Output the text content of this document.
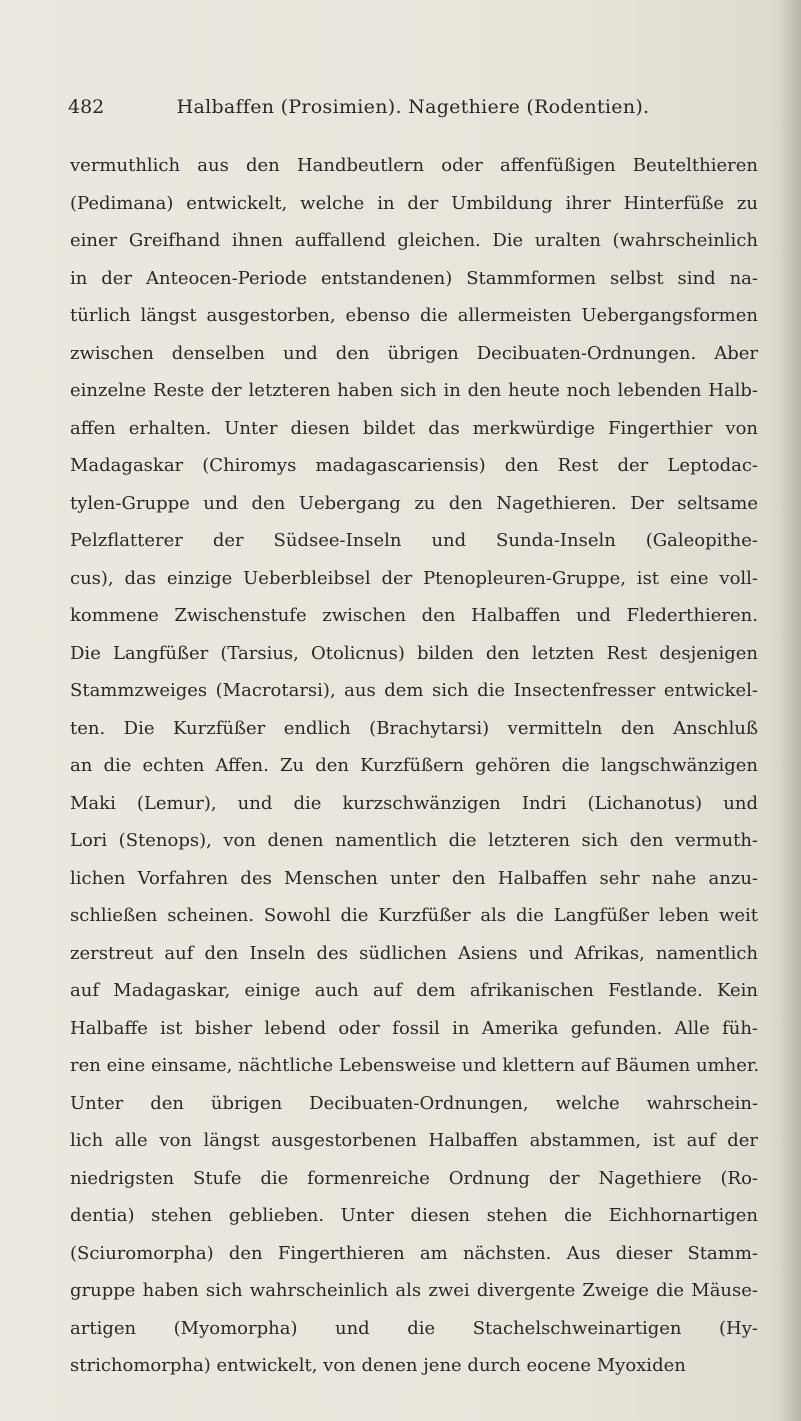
482	Halbaffen (Prosimien). Nagethiere (Rodentien).
vermuthlich aus den Handbeutlern oder affenfüßigen Beutelthieren
(Pedimana) entwickelt, welche in der Umbildung ihrer Hinterfüße zu
einer Greifhand ihnen auffallend gleichen. Die uralten (wahrscheinlich
in der Anteocen-Periode entstandenen) Stammformen selbst sind na-
türlich längst ausgestorben, ebenso die allermeisten Uebergangsformen
zwischen denselben und den übrigen Decibuaten-Ordnungen. Aber
einzelne Reste der letzteren haben sich in den heute noch lebenden Halb-
affen erhalten. Unter diesen bildet das merkwürdige Fingerthier von
Madagaskar (Chiromys madagascariensis) den Rest der Leptodac-
tylen-Gruppe und den Uebergang zu den Nagethieren. Der seltsame
Pelzflatterer der Südsee-Inseln und Sunda-Inseln (Galeopithe-
cus), das einzige Ueberbleibsel der Ptenopleuren-Gruppe, ist eine voll-
kommene Zwischenstufe zwischen den Halbaffen und Flederthieren.
Die Langfüßer (Tarsius, Otolicnus) bilden den letzten Rest desjenigen
Stammzweiges (Macrotarsi), aus dem sich die Insectenfresser entwickel-
ten. Die Kurzfüßer endlich (Brachytarsi) vermitteln den Anschluß
an die echten Affen. Zu den Kurzfüßern gehören die langschwänzigen
Maki (Lemur), und die kurzschwänzigen Indri (Lichanotus) und
Lori (Stenops), von denen namentlich die letzteren sich den vermuth-
lichen Vorfahren des Menschen unter den Halbaffen sehr nahe anzu-
schließen scheinen. Sowohl die Kurzfüßer als die Langfüßer leben weit
zerstreut auf den Inseln des südlichen Asiens und Afrikas, namentlich
auf Madagaskar, einige auch auf dem afrikanischen Festlande. Kein
Halbaffe ist bisher lebend oder fossil in Amerika gefunden. Alle füh-
ren eine einsame, nächtliche Lebensweise und klettern auf Bäumen umher.
Unter den übrigen Decibuaten-Ordnungen, welche wahrschein-
lich alle von längst ausgestorbenen Halbaffen abstammen, ist auf der
niedrigsten Stufe die formenreiche Ordnung der Nagethiere (Ro-
dentia) stehen geblieben. Unter diesen stehen die Eichhornartigen
(Sciuromorpha) den Fingerthieren am nächsten. Aus dieser Stamm-
gruppe haben sich wahrscheinlich als zwei divergente Zweige die Mäuse-
artigen (Myomorpha) und die Stachelschweinartigen (Hy-
strichomorpha) entwickelt, von denen jene durch eocene Myoxiden
